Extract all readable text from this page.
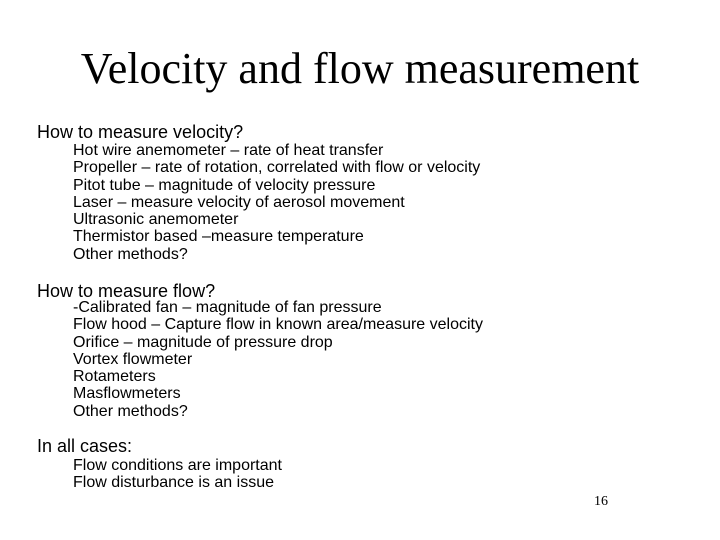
Velocity and flow measurement
How to measure velocity?
Hot wire anemometer – rate of heat transfer
Propeller – rate of rotation, correlated with flow or velocity
Pitot tube – magnitude of velocity pressure
Laser – measure velocity of aerosol movement
Ultrasonic anemometer
Thermistor based –measure temperature
Other methods?
How to measure flow?
-Calibrated fan – magnitude of fan pressure
Flow hood – Capture flow in known area/measure velocity
Orifice – magnitude of pressure drop
Vortex flowmeter
Rotameters
Masflowmeters
Other methods?
In all cases:
Flow conditions are important
Flow disturbance is an issue
16
